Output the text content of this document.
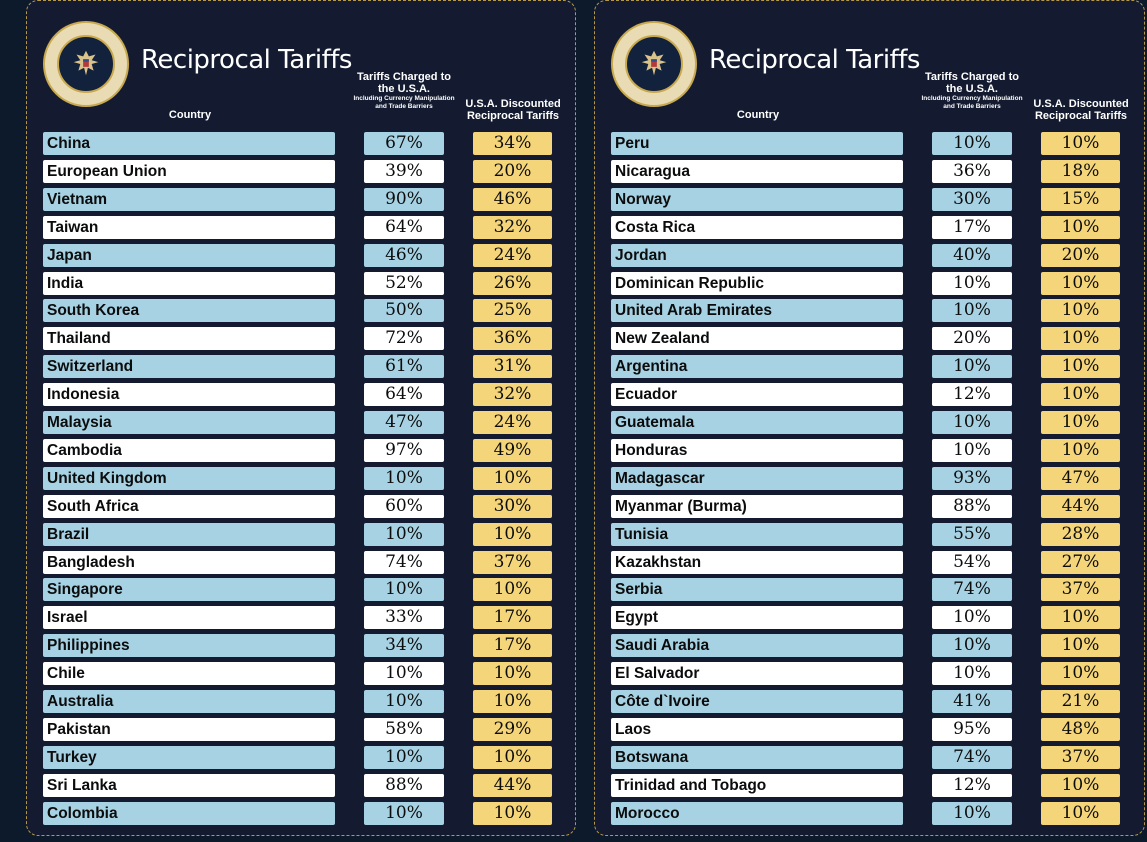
Reciprocal Tariffs
Country
Tariffs Charged to the U.S.A.
Including Currency Manipulation and Trade Barriers	U.S.A. Discounted Reciprocal Tariffs
China	67%	34%
European Union	39%	20%
Vietnam	90%	46%
Taiwan	64%	32%
Japan	46%	24%
India	52%	26%
South Korea	50%	25%
Thailand	72%	36%
Switzerland	61%	31%
Indonesia	64%	32%
Malaysia	47%	24%
Cambodia	97%	49%
United Kingdom	10%	10%
South Africa	60%	30%
Brazil	10%	10%
Bangladesh	74%	37%
Singapore	10%	10%
Israel	33%	17%
Philippines	34%	17%
Chile	10%	10%
Australia	10%	10%
Pakistan	58%	29%
Turkey	10%	10%
Sri Lanka	88%	44%
Colombia	10%	10%
Reciprocal Tariffs
Country
Tariffs Charged to the U.S.A.
Including Currency Manipulation and Trade Barriers	U.S.A. Discounted Reciprocal Tariffs
Peru	10%	10%
Nicaragua	36%	18%
Norway	30%	15%
Costa Rica	17%	10%
Jordan	40%	20%
Dominican Republic	10%	10%
United Arab Emirates	10%	10%
New Zealand	20%	10%
Argentina	10%	10%
Ecuador	12%	10%
Guatemala	10%	10%
Honduras	10%	10%
Madagascar	93%	47%
Myanmar (Burma)	88%	44%
Tunisia	55%	28%
Kazakhstan	54%	27%
Serbia	74%	37%
Egypt	10%	10%
Saudi Arabia	10%	10%
El Salvador	10%	10%
Côte d`Ivoire	41%	21%
Laos	95%	48%
Botswana	74%	37%
Trinidad and Tobago	12%	10%
Morocco	10%	10%
